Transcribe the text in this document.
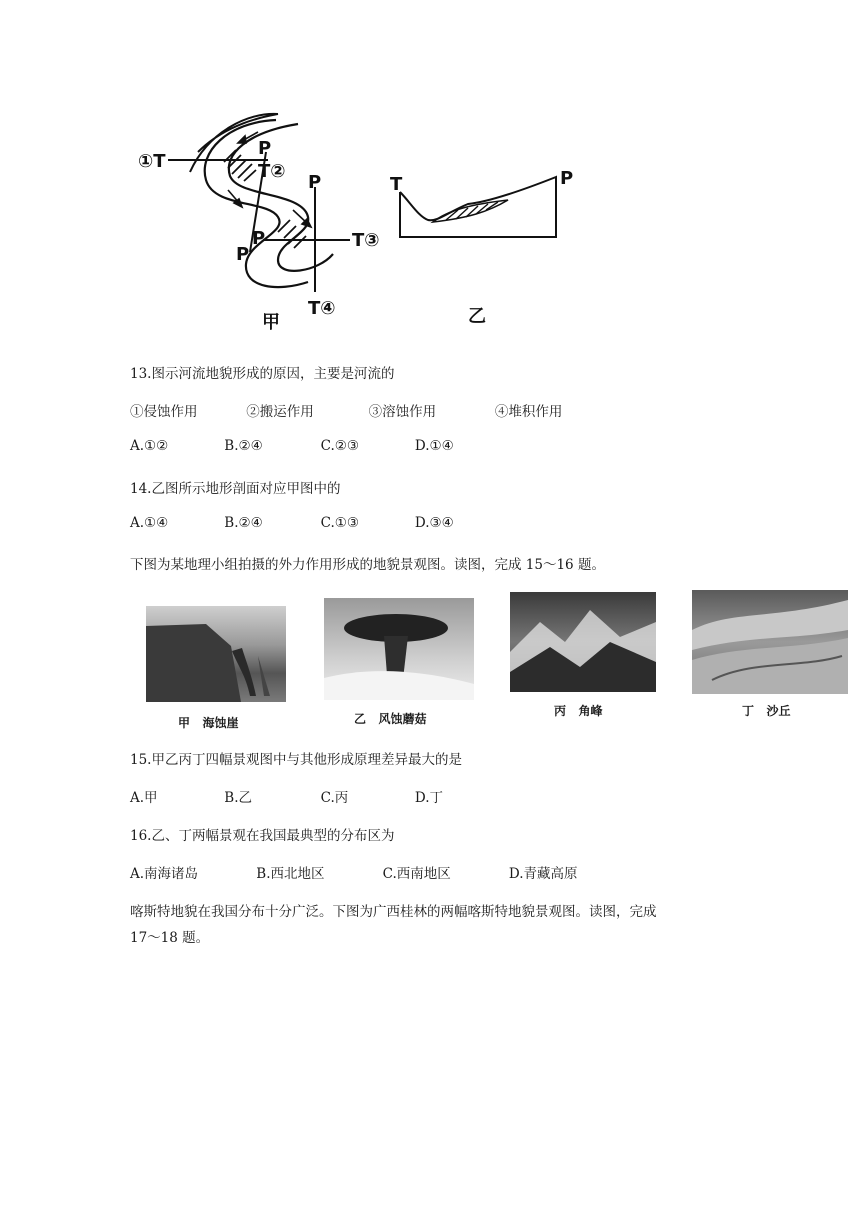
①T
P
T②
P
P
P
T③
T④
甲
T	P
乙
13.图示河流地貌形成的原因，主要是河流的
①侵蚀作用	②搬运作用	③溶蚀作用	④堆积作用
A.①②	B.②④	C.②③	D.①④
14.乙图所示地形剖面对应甲图中的
A.①④	B.②④	C.①③	D.③④
下图为某地理小组拍摄的外力作用形成的地貌景观图。读图，完成 15～16 题。
甲   海蚀崖	乙   风蚀蘑菇
丙   角峰	丁   沙丘
15.甲乙丙丁四幅景观图中与其他形成原理差异最大的是
A.甲	B.乙	C.丙	D.丁
16.乙、丁两幅景观在我国最典型的分布区为
A.南海诸岛	B.西北地区	C.西南地区	D.青藏高原
喀斯特地貌在我国分布十分广泛。下图为广西桂林的两幅喀斯特地貌景观图。读图，完成
17～18 题。
